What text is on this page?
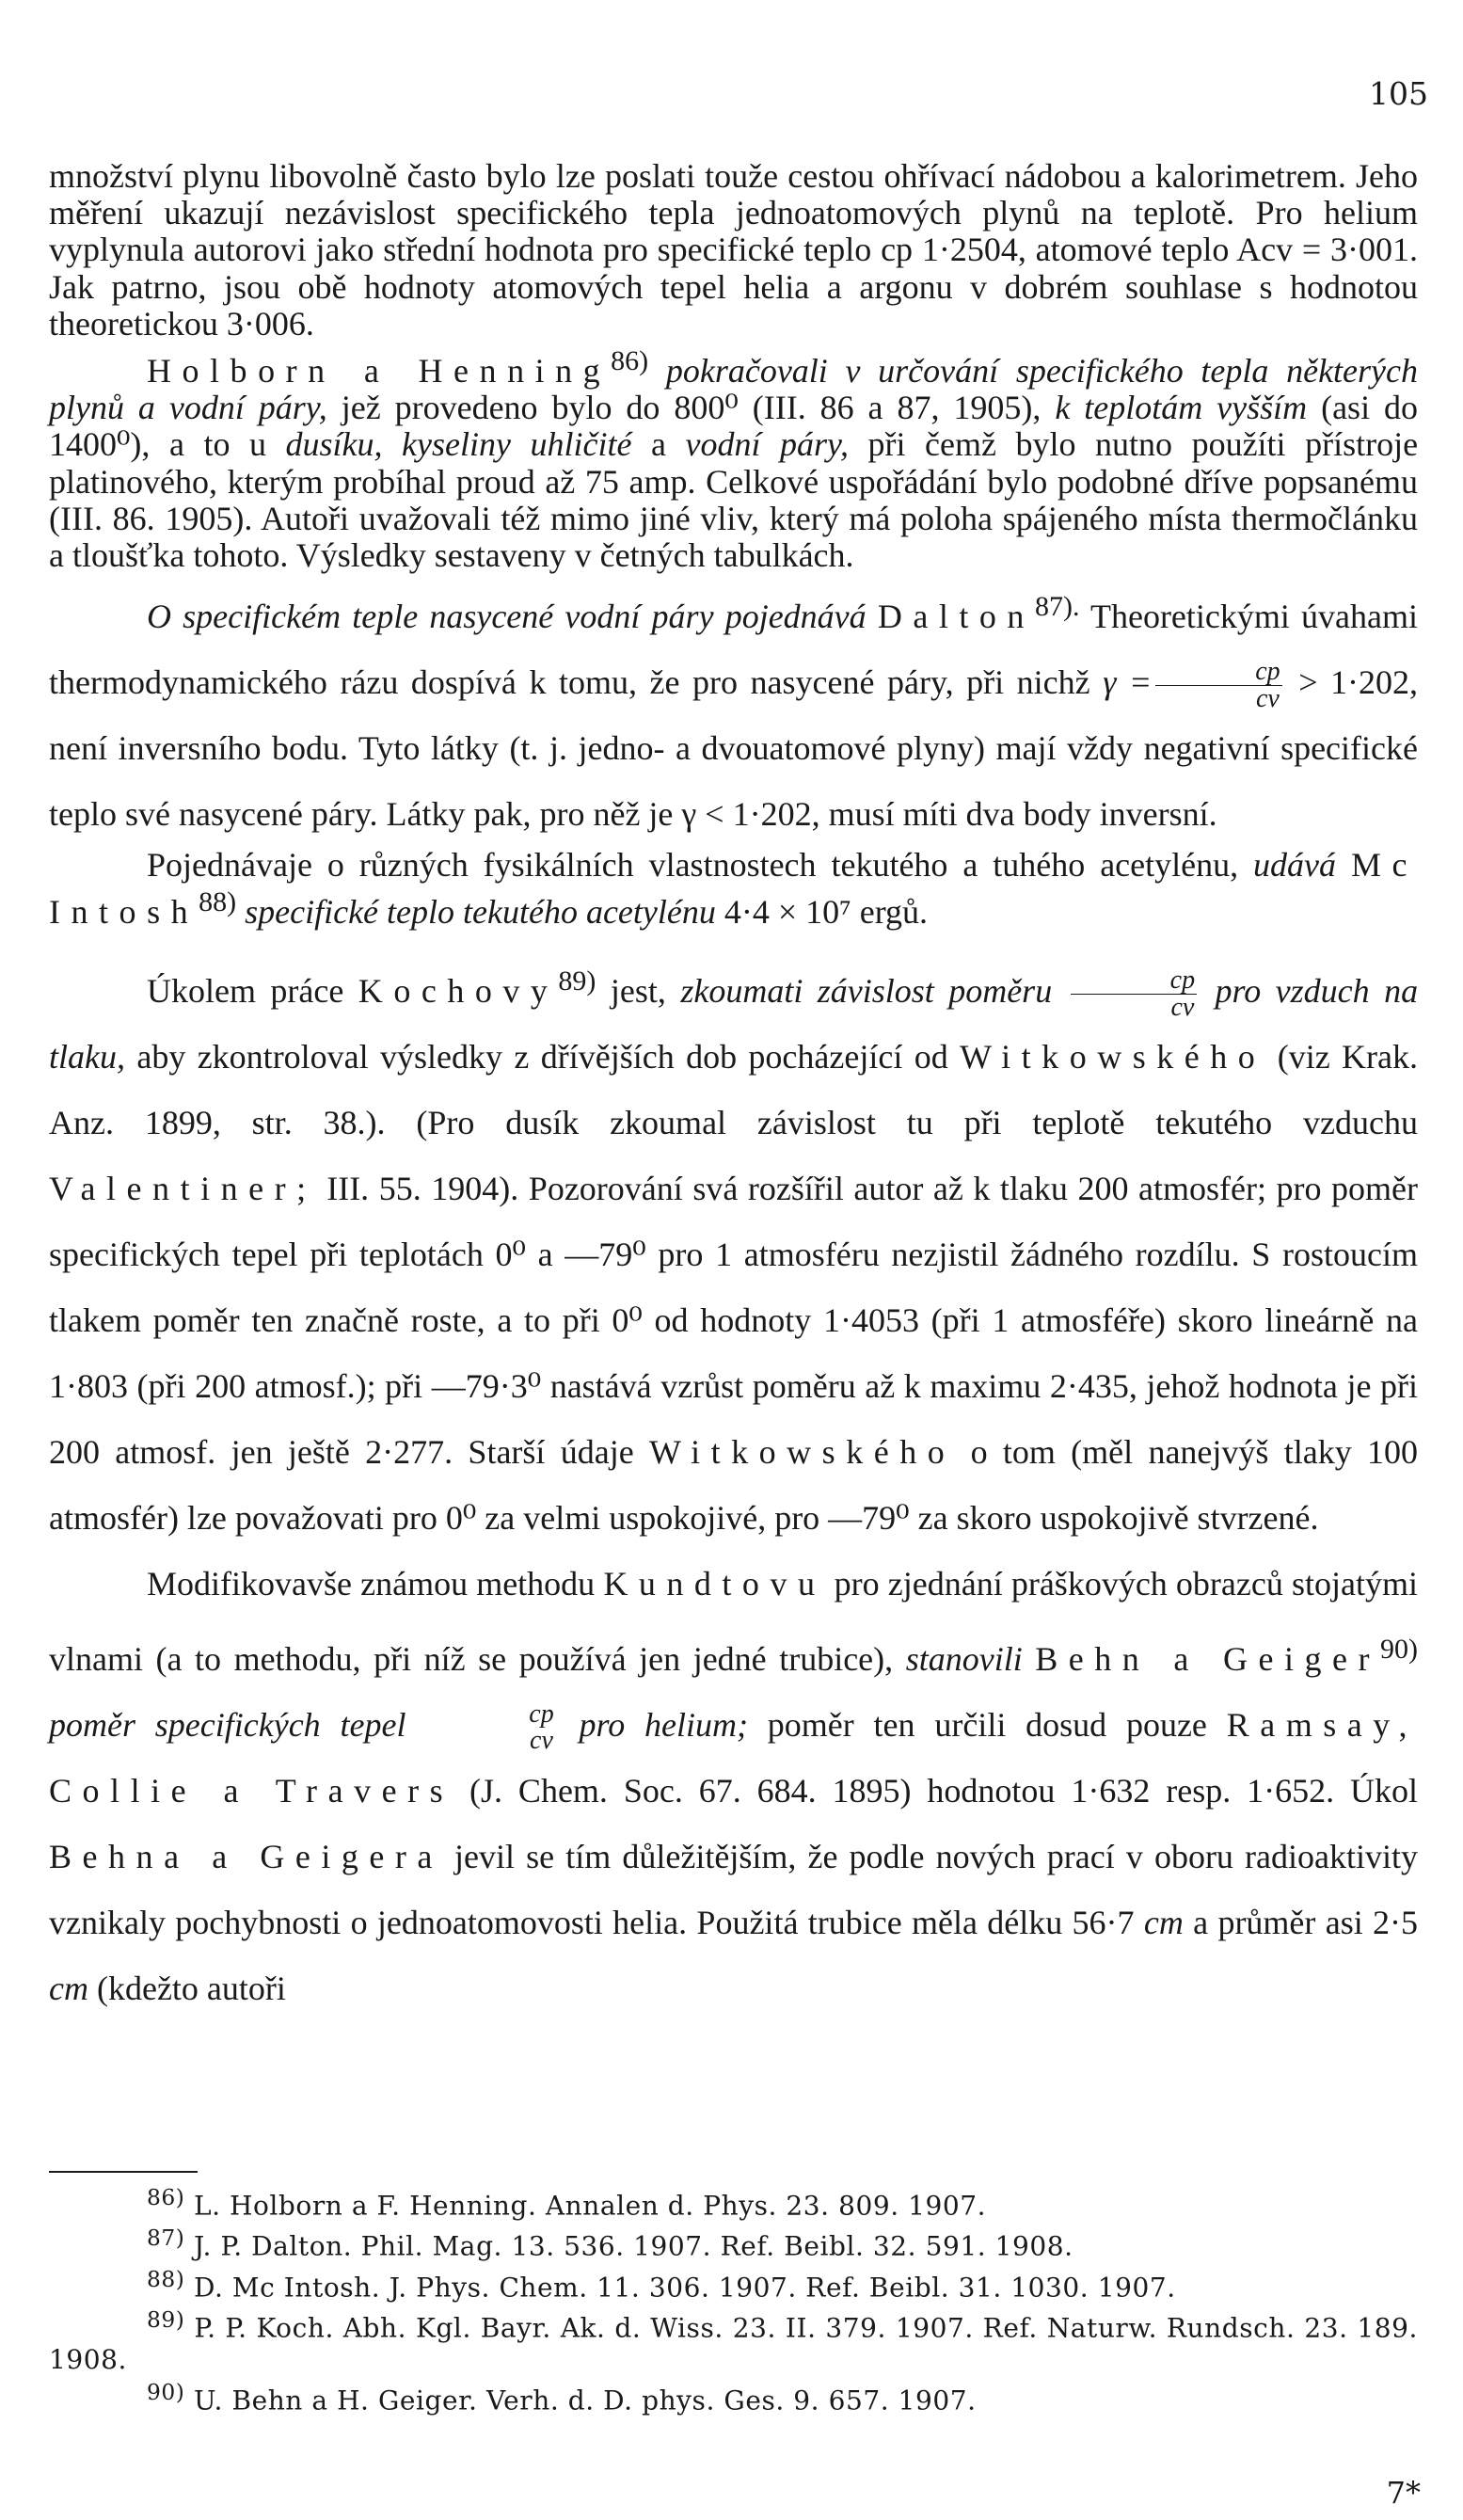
105

množství plynu libovolně často bylo lze poslati touže cestou ohřívací nádobou a kalorimetrem. Jeho měření ukazují nezávislost specifického tepla jednoatomových plynů na teplotě. Pro helium vyplynula autorovi jako střední hodnota pro specifické teplo cp 1·2504, atomové teplo Acv = 3·001. Jak patrno, jsou obě hodnoty atomových tepel helia a argonu v dobrém souhlase s hodnotou theoretickou 3·006.

Holborn a Henning$^{86)}$ pokračovali v určování specifického tepla některých plynů a vodní páry, jež provedeno bylo do 800⁰ (III. 86 a 87, 1905), k teplotám vyšším (asi do 1400⁰), a to u dusíku, kyseliny uhličité a vodní páry, při čemž bylo nutno použíti přístroje platinového, kterým probíhal proud až 75 amp. Celkové uspořádání bylo podobné dříve popsanému (III. 86. 1905). Autoři uvažovali též mimo jiné vliv, který má poloha spájeného místa thermočlánku a tloušťka tohoto. Výsledky sestaveny v četných tabulkách.

O specifickém teple nasycené vodní páry pojednává Dalton$^{87).}$ Theoretickými úvahami thermodynamického rázu dospívá k tomu, že pro nasycené páry, při nichž $\gamma = \frac{cp}{cv} > 1\cdot 202$, není inversního bodu. Tyto látky (t. j. jedno- a dvouatomové plyny) mají vždy negativní specifické teplo své nasycené páry. Látky pak, pro něž je γ < 1·202, musí míti dva body inversní.

Pojednávaje o různých fysikálních vlastnostech tekutého a tuhého acetylénu, udává Mc Intosh$^{88)}$ specifické teplo tekutého acetylénu 4·4 × 10⁷ ergů.

Úkolem práce Kochovy$^{89)}$ jest, zkoumati závislost poměru $\frac{cp}{cv}$ pro vzduch na tlaku, aby zkontroloval výsledky z dřívějších dob pocházející od Witkowského (viz Krak. Anz. 1899, str. 38.). (Pro dusík zkoumal závislost tu při teplotě tekutého vzduchu Valentiner; III. 55. 1904). Pozorování svá rozšířil autor až k tlaku 200 atmosfér; pro poměr specifických tepel při teplotách 0⁰ a —79⁰ pro 1 atmosféru nezjistil žádného rozdílu. S rostoucím tlakem poměr ten značně roste, a to při 0⁰ od hodnoty 1·4053 (při 1 atmosféře) skoro lineárně na 1·803 (při 200 atmosf.); při —79·3⁰ nastává vzrůst poměru až k maximu 2·435, jehož hodnota je při 200 atmosf. jen ještě 2·277. Starší údaje Witkowského o tom (měl nanejvýš tlaky 100 atmosfér) lze považovati pro 0⁰ za velmi uspokojivé, pro —79⁰ za skoro uspokojivě stvrzené.

Modifikovavše známou methodu Kundtovu pro zjednání práškových obrazců stojatými vlnami (a to methodu, při níž se používá jen jedné trubice), stanovili Behn a Geiger$^{90)}$ poměr specifických tepel	cp
cv pro helium; poměr ten určili dosud pouze Ramsay, Collie a Travers (J. Chem. Soc. 67. 684. 1895) hodnotou 1·632 resp. 1·652. Úkol Behna a Geigera jevil se tím důležitějším, že podle nových prací v oboru radioaktivity vznikaly pochybnosti o jednoatomovosti helia. Použitá trubice měla délku 56·7 cm a průměr asi 2·5 cm (kdežto autoři

$^{86)}$ L. Holborn a F. Henning. Annalen d. Phys. 23. 809. 1907.

$^{87)}$ J. P. Dalton. Phil. Mag. 13. 536. 1907. Ref. Beibl. 32. 591. 1908.

$^{88)}$ D. Mc Intosh. J. Phys. Chem. 11. 306. 1907. Ref. Beibl. 31. 1030. 1907.

$^{89)}$ P. P. Koch. Abh. Kgl. Bayr. Ak. d. Wiss. 23. II. 379. 1907. Ref. Naturw. Rundsch. 23. 189. 1908.

$^{90)}$ U. Behn a H. Geiger. Verh. d. D. phys. Ges. 9. 657. 1907.

7*
